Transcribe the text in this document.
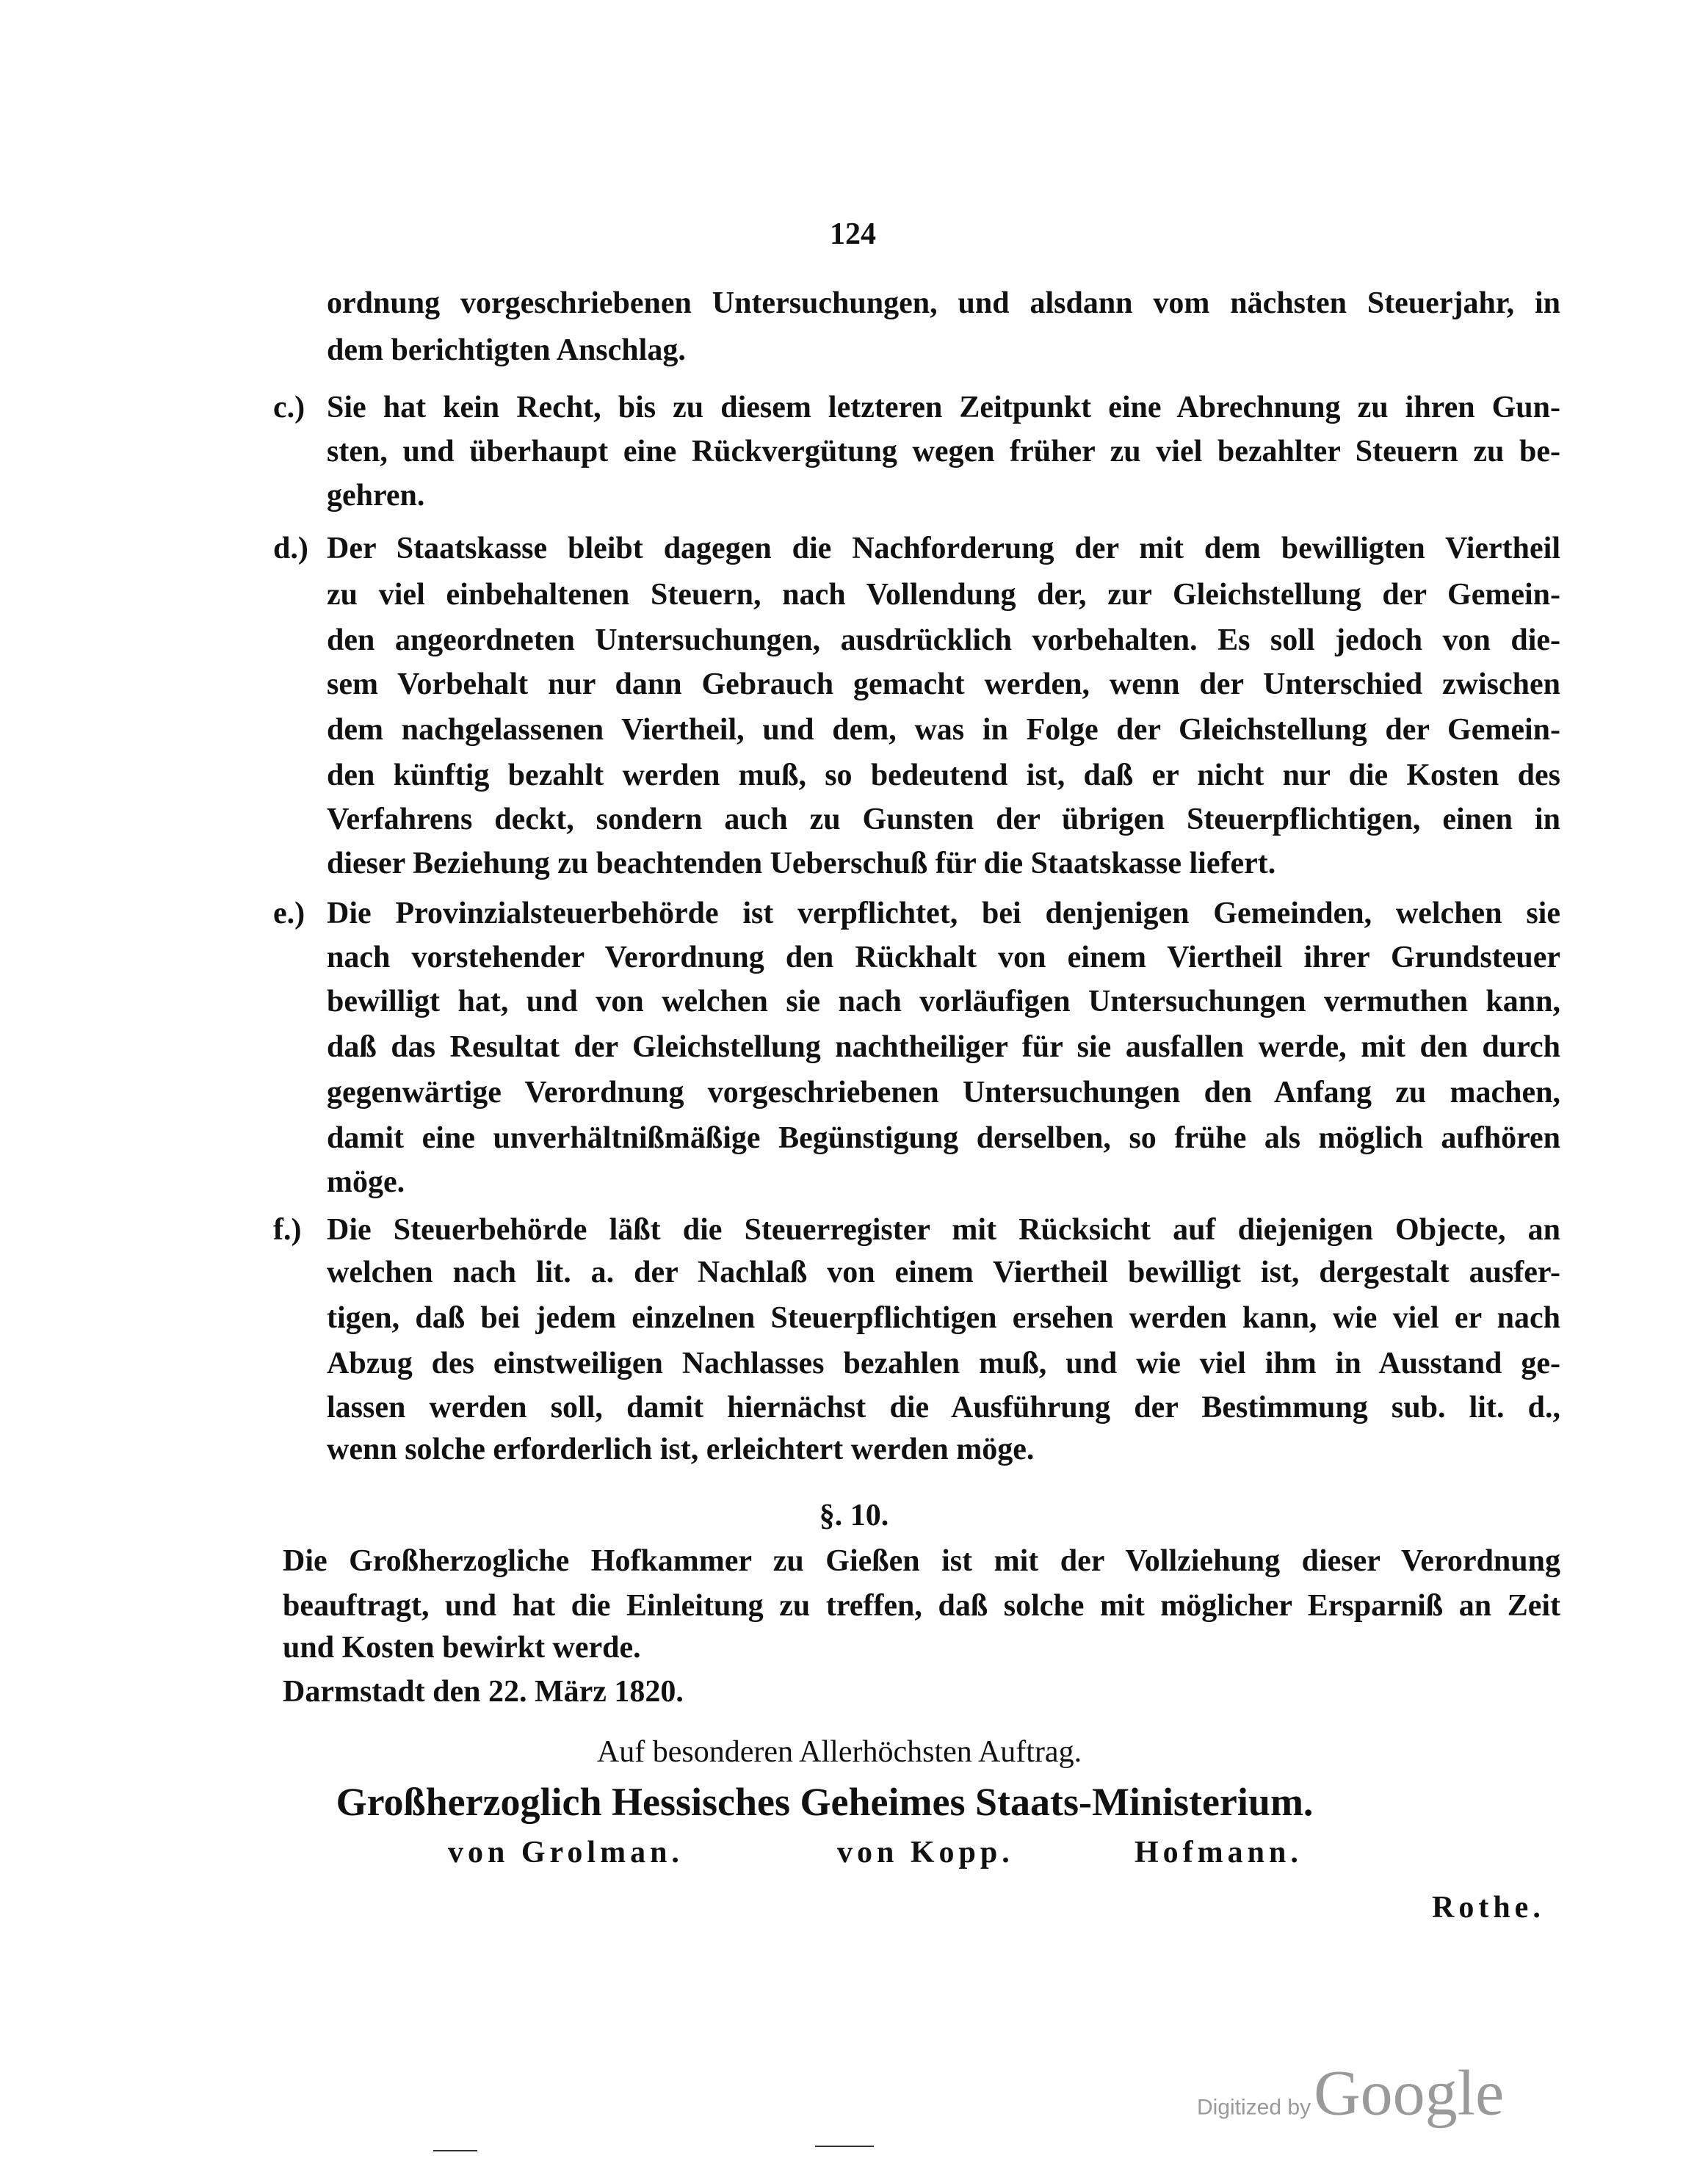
124
ordnung vorgeschriebenen Untersuchungen, und alsdann vom nächsten Steuerjahr, in
dem berichtigten Anschlag.
c.) Sie hat kein Recht, bis zu diesem letzteren Zeitpunkt eine Abrechnung zu ihren Gun-
sten, und überhaupt eine Rückvergütung wegen früher zu viel bezahlter Steuern zu be-
gehren.
d.) Der Staatskasse bleibt dagegen die Nachforderung der mit dem bewilligten Viertheil
zu viel einbehaltenen Steuern, nach Vollendung der, zur Gleichstellung der Gemein-
den angeordneten Untersuchungen, ausdrücklich vorbehalten. Es soll jedoch von die-
sem Vorbehalt nur dann Gebrauch gemacht werden, wenn der Unterschied zwischen
dem nachgelassenen Viertheil, und dem, was in Folge der Gleichstellung der Gemein-
den künftig bezahlt werden muß, so bedeutend ist, daß er nicht nur die Kosten des
Verfahrens deckt, sondern auch zu Gunsten der übrigen Steuerpflichtigen, einen in
dieser Beziehung zu beachtenden Ueberschuß für die Staatskasse liefert.
e.) Die Provinzialsteuerbehörde ist verpflichtet, bei denjenigen Gemeinden, welchen sie
nach vorstehender Verordnung den Rückhalt von einem Viertheil ihrer Grundsteuer
bewilligt hat, und von welchen sie nach vorläufigen Untersuchungen vermuthen kann,
daß das Resultat der Gleichstellung nachtheiliger für sie ausfallen werde, mit den durch
gegenwärtige Verordnung vorgeschriebenen Untersuchungen den Anfang zu machen,
damit eine unverhältnißmäßige Begünstigung derselben, so frühe als möglich aufhören
möge.
f.) Die Steuerbehörde läßt die Steuerregister mit Rücksicht auf diejenigen Objecte, an
welchen nach lit. a. der Nachlaß von einem Viertheil bewilligt ist, dergestalt ausfer-
tigen, daß bei jedem einzelnen Steuerpflichtigen ersehen werden kann, wie viel er nach
Abzug des einstweiligen Nachlasses bezahlen muß, und wie viel ihm in Ausstand ge-
lassen werden soll, damit hiernächst die Ausführung der Bestimmung sub. lit. d.,
wenn solche erforderlich ist, erleichtert werden möge.
§. 10.
Die Großherzogliche Hofkammer zu Gießen ist mit der Vollziehung dieser Verordnung
beauftragt, und hat die Einleitung zu treffen, daß solche mit möglicher Ersparniß an Zeit
und Kosten bewirkt werde.
Darmstadt den 22. März 1820.
Auf besonderen Allerhöchsten Auftrag.
Großherzoglich Hessisches Geheimes Staats-Ministerium.
von Grolman.	von Kopp.	Hofmann.
Rothe.
Digitized by Google
